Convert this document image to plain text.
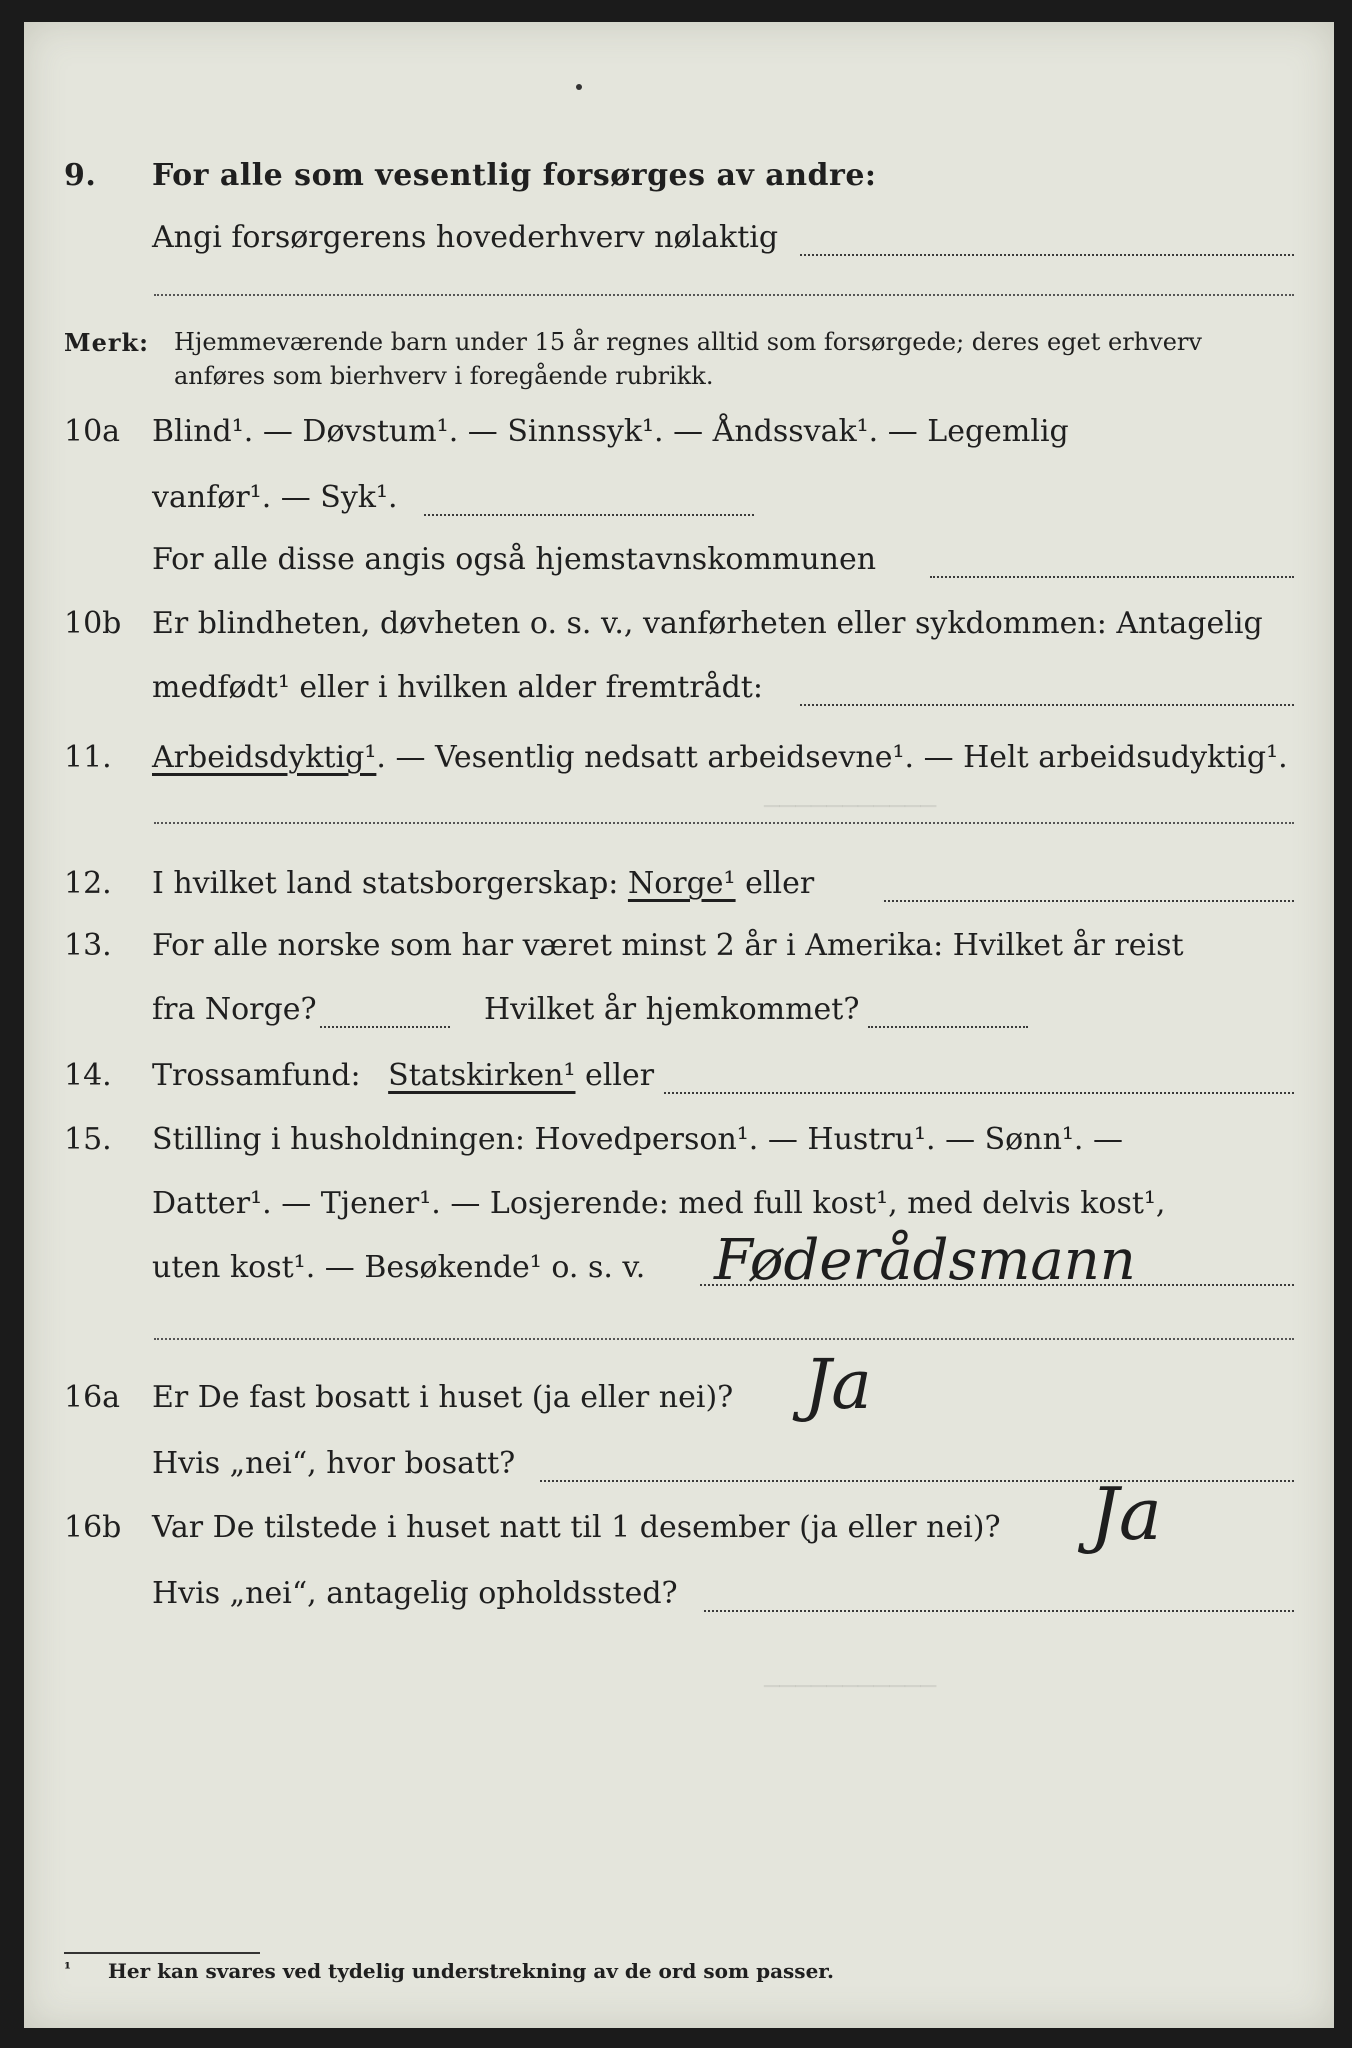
───────────
───────────
9. For alle som vesentlig forsørges av andre:
Angi forsørgerens hovederhverv nølaktig
Merk: Hjemmeværende barn under 15 år regnes alltid som forsørgede; deres eget erhverv
anføres som bierhverv i foregående rubrikk.
10a Blind¹. — Døvstum¹. — Sinnssyk¹. — Åndssvak¹. — Legemlig
vanfør¹. — Syk¹.
For alle disse angis også hjemstavnskommunen
10b Er blindheten, døvheten o. s. v., vanførheten eller sykdommen: Antagelig
medfødt¹ eller i hvilken alder fremtrådt:
11. Arbeidsdyktig¹. — Vesentlig nedsatt arbeidsevne¹. — Helt arbeidsudyktig¹.
12. I hvilket land statsborgerskap: Norge¹ eller
13. For alle norske som har været minst 2 år i Amerika: Hvilket år reist
fra Norge?	Hvilket år hjemkommet?
14. Trossamfund: Statskirken¹ eller
15. Stilling i husholdningen: Hovedperson¹. — Hustru¹. — Sønn¹. —
Datter¹. — Tjener¹. — Losjerende: med full kost¹, med delvis kost¹,
uten kost¹. — Besøkende¹ o. s. v. Føderådsmann
16a Er De fast bosatt i huset (ja eller nei)? Ja
Hvis „nei“, hvor bosatt?
16b Var De tilstede i huset natt til 1 desember (ja eller nei)? Ja
Hvis „nei“, antagelig opholdssted?
¹ Her kan svares ved tydelig understrekning av de ord som passer.
